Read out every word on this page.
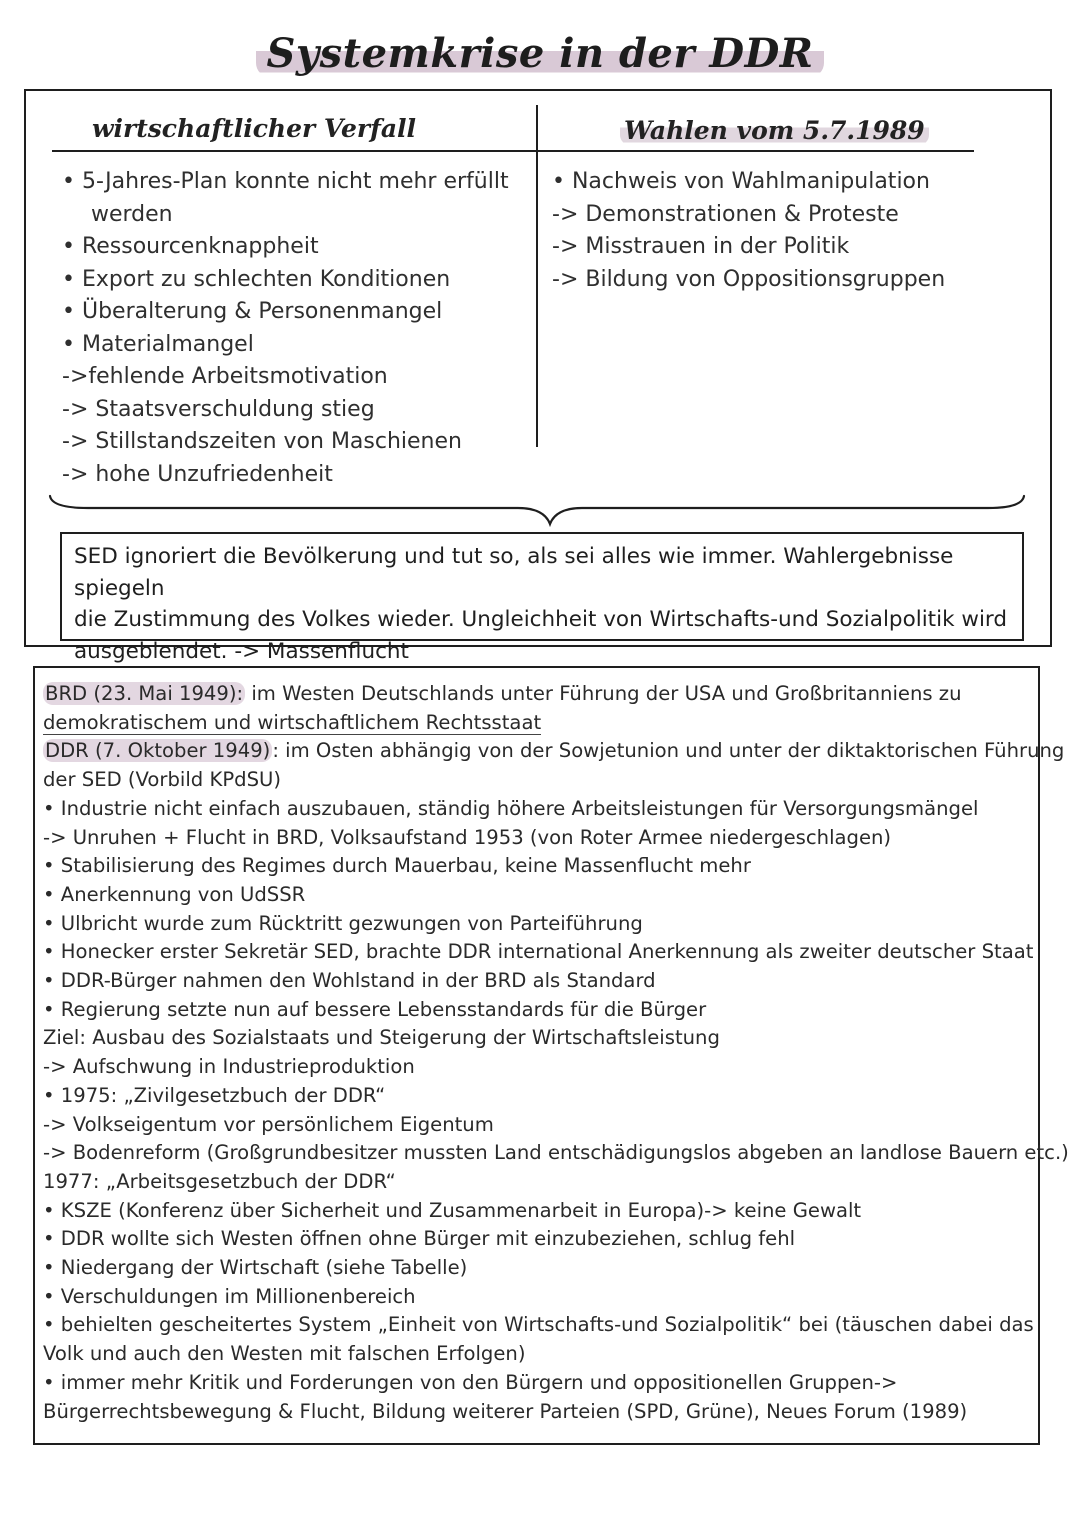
Systemkrise in der DDR
wirtschaftlicher Verfall	Wahlen vom 5.7.1989
• 5-Jahres-Plan konnte nicht mehr erfüllt
werden
• Ressourcenknappheit
• Export zu schlechten Konditionen
• Überalterung & Personenmangel
• Materialmangel
->fehlende Arbeitsmotivation
-> Staatsverschuldung stieg
-> Stillstandszeiten von Maschienen
-> hohe Unzufriedenheit
• Nachweis von Wahlmanipulation
-> Demonstrationen & Proteste
-> Misstrauen in der Politik
-> Bildung von Oppositionsgruppen
SED ignoriert die Bevölkerung und tut so, als sei alles wie immer. Wahlergebnisse spiegeln
die Zustimmung des Volkes wieder. Ungleichheit von Wirtschafts-und Sozialpolitik wird
ausgeblendet. -> Massenflucht
BRD (23. Mai 1949): im Westen Deutschlands unter Führung der USA und Großbritanniens zu
demokratischem und wirtschaftlichem Rechtsstaat
DDR (7. Oktober 1949) : im Osten abhängig von der Sowjetunion und unter der diktaktorischen Führung
der SED (Vorbild KPdSU)
• Industrie nicht einfach auszubauen, ständig höhere Arbeitsleistungen für Versorgungsmängel
-> Unruhen + Flucht in BRD, Volksaufstand 1953 (von Roter Armee niedergeschlagen)
• Stabilisierung des Regimes durch Mauerbau, keine Massenflucht mehr
• Anerkennung von UdSSR
• Ulbricht wurde zum Rücktritt gezwungen von Parteiführung
• Honecker erster Sekretär SED, brachte DDR international Anerkennung als zweiter deutscher Staat
• DDR-Bürger nahmen den Wohlstand in der BRD als Standard
• Regierung setzte nun auf bessere Lebensstandards für die Bürger
Ziel: Ausbau des Sozialstaats und Steigerung der Wirtschaftsleistung
-> Aufschwung in Industrieproduktion
• 1975: „Zivilgesetzbuch der DDR“
-> Volkseigentum vor persönlichem Eigentum
-> Bodenreform (Großgrundbesitzer mussten Land entschädigungslos abgeben an landlose Bauern etc.)
1977: „Arbeitsgesetzbuch der DDR“
• KSZE (Konferenz über Sicherheit und Zusammenarbeit in Europa)-> keine Gewalt
• DDR wollte sich Westen öffnen ohne Bürger mit einzubeziehen, schlug fehl
• Niedergang der Wirtschaft (siehe Tabelle)
• Verschuldungen im Millionenbereich
• behielten gescheitertes System „Einheit von Wirtschafts-und Sozialpolitik“ bei (täuschen dabei das
Volk und auch den Westen mit falschen Erfolgen)
• immer mehr Kritik und Forderungen von den Bürgern und oppositionellen Gruppen->
Bürgerrechtsbewegung & Flucht, Bildung weiterer Parteien (SPD, Grüne), Neues Forum (1989)
